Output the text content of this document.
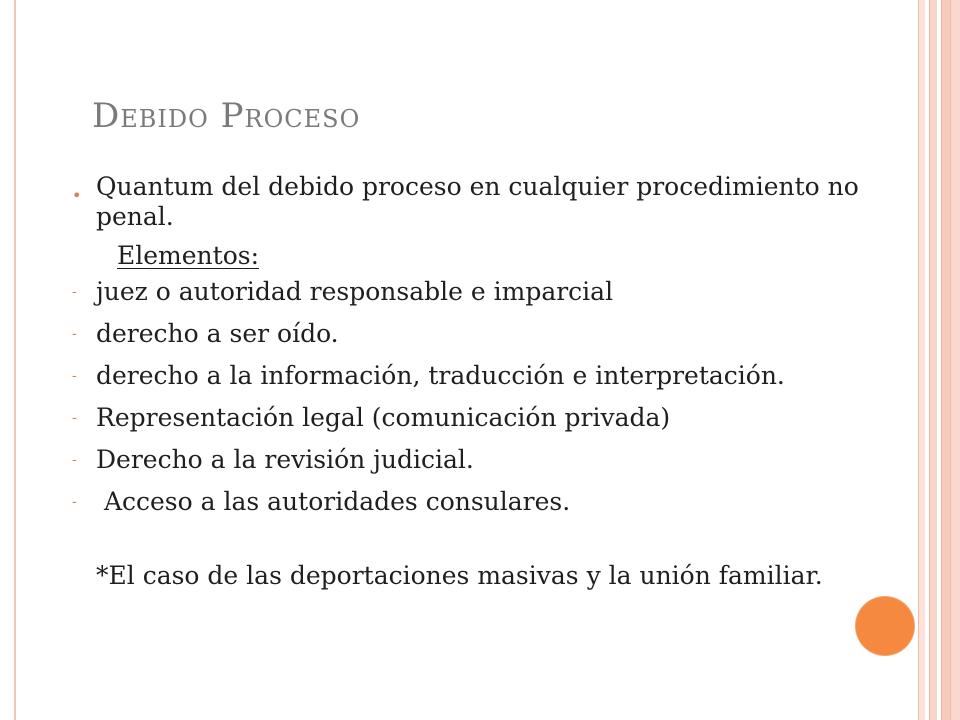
Debido Proceso
• Quantum del debido proceso en cualquier procedimiento no penal.
Elementos:
- juez o autoridad responsable e imparcial
- derecho a ser oído.
- derecho a la información, traducción e interpretación.
- Representación legal (comunicación privada)
- Derecho a la revisión judicial.
- Acceso a las autoridades consulares.
*El caso de las deportaciones masivas y la unión familiar.
